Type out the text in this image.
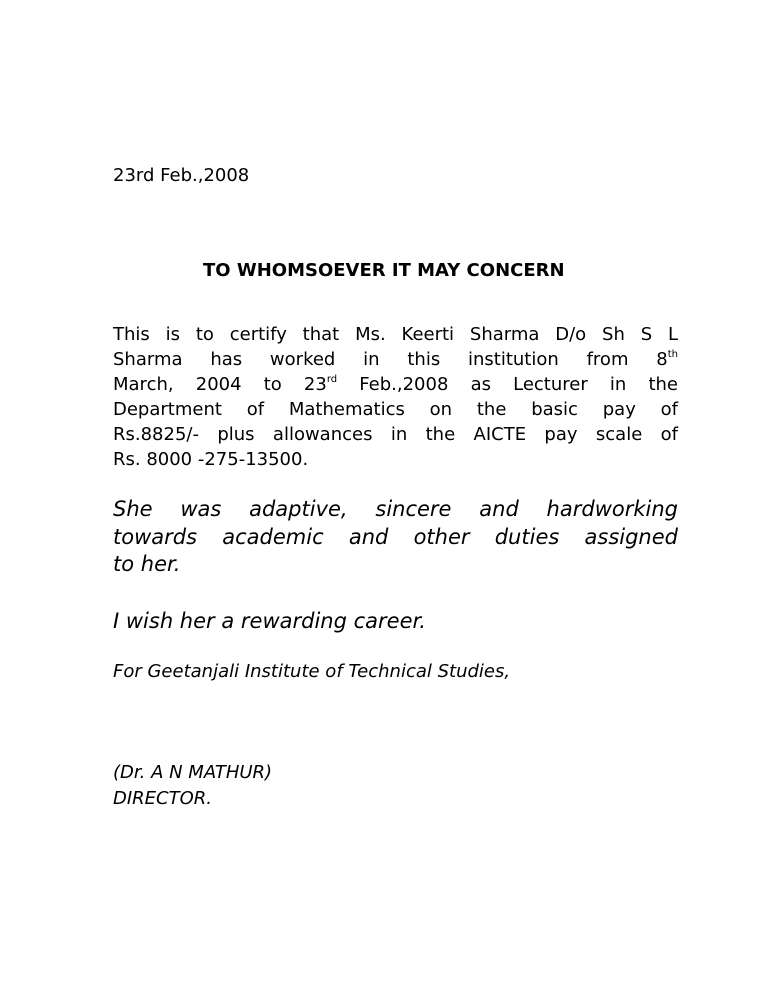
23rd Feb.,2008
TO WHOMSOEVER IT MAY CONCERN
This is to certify that Ms. Keerti Sharma D/o Sh S L
Sharma has worked in this institution from 8th
March, 2004 to 23rd Feb.,2008 as Lecturer in the
Department of Mathematics on the basic pay of
Rs.8825/- plus allowances in the AICTE pay scale of
Rs. 8000 -275-13500.
She was adaptive, sincere and hardworking
towards academic and other duties assigned
to her.
I wish her a rewarding career.
For Geetanjali Institute of Technical Studies,
(Dr. A N MATHUR)
DIRECTOR.
